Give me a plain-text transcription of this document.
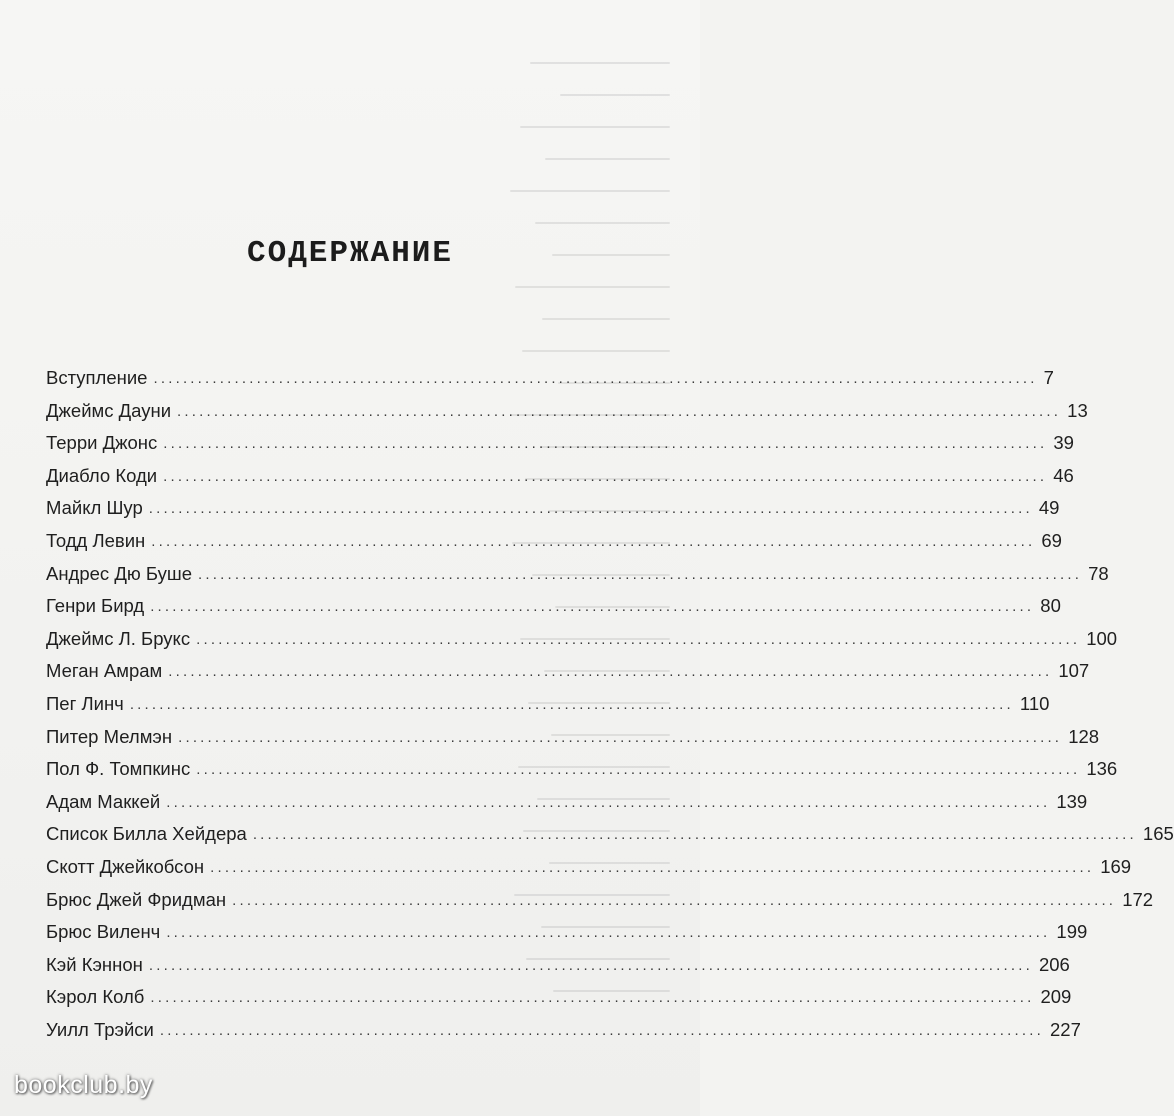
СОДЕРЖАНИЕ
Вступление ........................................................................................................................ 7
Джеймс Дауни ........................................................................................................................ 13
Терри Джонс ........................................................................................................................ 39
Диабло Коди ........................................................................................................................ 46
Майкл Шур ........................................................................................................................ 49
Тодд Левин ........................................................................................................................ 69
Андрес Дю Буше ........................................................................................................................ 78
Генри Бирд ........................................................................................................................ 80
Джеймс Л. Брукс ........................................................................................................................ 100
Меган Амрам ........................................................................................................................ 107
Пег Линч ........................................................................................................................ 110
Питер Мелмэн ........................................................................................................................ 128
Пол Ф. Томпкинс ........................................................................................................................ 136
Адам Маккей ........................................................................................................................ 139
Список Билла Хейдера ........................................................................................................................ 165
Скотт Джейкобсон ........................................................................................................................ 169
Брюс Джей Фридман ........................................................................................................................ 172
Брюс Виленч ........................................................................................................................ 199
Кэй Кэннон ........................................................................................................................ 206
Кэрол Колб ........................................................................................................................ 209
Уилл Трэйси ........................................................................................................................ 227
bookclub.by
